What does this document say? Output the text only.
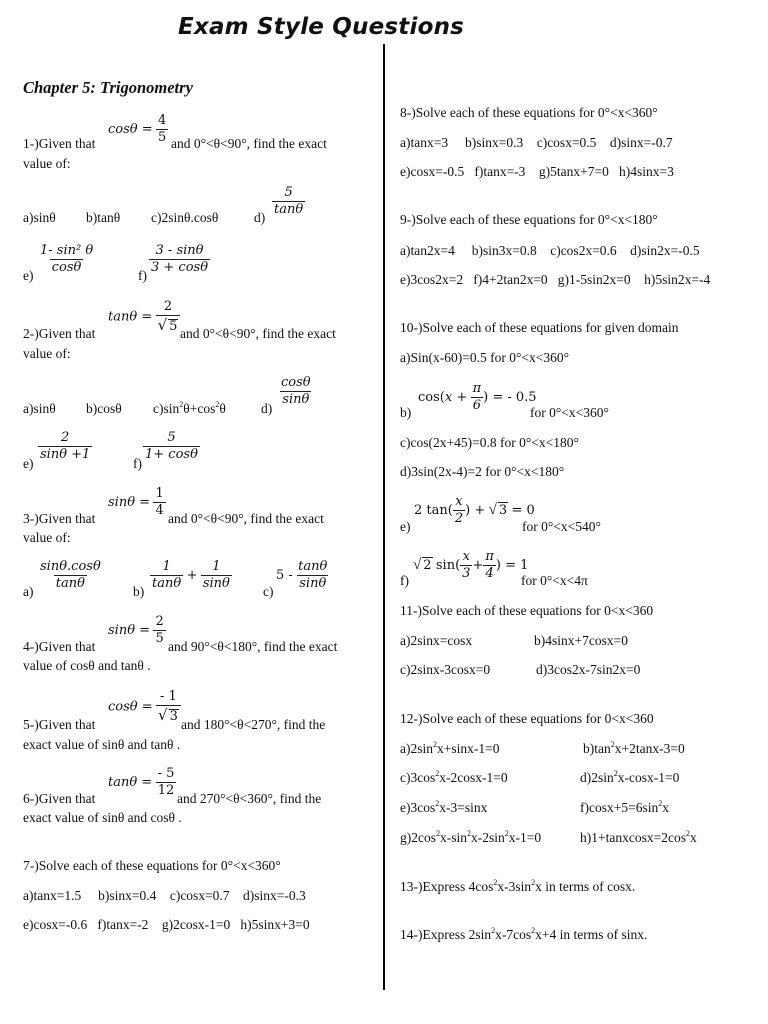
Exam Style Questions
Chapter 5: Trigonometry
1-)Given that
$\cos\theta = \frac{4}{5}$ and 0°<θ<90°, find the exact
value of:
a)sinθ b)tanθ c)2sinθ.cosθ	$d) \frac{5}{\tan\theta}$
$e) \frac{\text{1- sin² θ}}{\cos\theta}$	$f) \frac{3 - \sin\theta}{3 + \cos\theta}$
2-)Given that
$\tan\theta = \frac{2}{√ 5}$ and 0°<θ<90°, find the exact
value of:
a)sinθ b)cosθ $c)\sin^2\theta+\cos^2\theta$	d)
$\frac{\cos\theta}{\sin\theta}$
e)
$\frac{2}{\sin\theta +1}$
f)
$\frac{5}{1+ \cos\theta}$
3-)Given that
$\sin\theta = \frac{1}{4}$ and 0°<θ<90°, find the exact
value of:
$a) \frac{\sin\theta.\cos\theta}{\tan\theta} b) \frac{1}{\tan\theta} + \frac{1}{\sin\theta} c$)
$5 - \frac{\tan\theta}{\sin\theta}$
4-)Given that
$\sin\theta = \frac{2}{5}$ and 90°<θ<180°, find the exact
value of cosθ and tanθ .
5-)Given that
$\cos\theta = \frac{- 1}{√ 3}$ and 180°<θ<270°, find the
exact value of sinθ and tanθ .
6-)Given that
$\tan\theta = \frac{- 5}{12}$ and 270°<θ<360°, find the
exact value of sinθ and cosθ .
7-)Solve each of these equations for 0°<x<360°
a)tanx=1.5     b)sinx=0.4    c)cosx=0.7    d)sinx=-0.3
e)cosx=-0.6   f)tanx=-2    g)2cosx-1=0   h)5sinx+3=0
8-)Solve each of these equations for 0°<x<360°
a)tanx=3     b)sinx=0.3    c)cosx=0.5    d)sinx=-0.7
e)cosx=-0.5   f)tanx=-3    g)5tanx+7=0   h)4sinx=3
9-)Solve each of these equations for 0°<x<180°
a)tan2x=4     b)sin3x=0.8    c)cos2x=0.6    d)sin2x=-0.5
e)3cos2x=2   f)4+2tan2x=0   g)1-5sin2x=0    h)5sin2x=-4
10-)Solve each of these equations for given domain
a)Sin(x-60)=0.5 for 0°<x<360°
b)
$\cos(x + \frac{\pi}{6}$ ) = - 0.5
for 0°<x<360°
c)cos(2x+45)=0.8 for 0°<x<180°
d)3sin(2x-4)=2 for 0°<x<180°
e)
2 $\tan( \frac{x}{2}$ ) + √ 3 = 0
for 0°<x<540°
f)
√ 2 $\sin( \frac{x}{3} + \frac{\pi}{4}$ ) = 1
for 0°<x<4π
11-)Solve each of these equations for 0<x<360
a)2sinx=cosx	b)4sinx+7cosx=0
c)2sinx-3cosx=0	d)3cos2x-7sin2x=0
12-)Solve each of these equations for 0<x<360
$a)2\sin^2x+\sin x-1=0$	$b)\tan^2x+2\tan x-3=0$
$c)3\cos^2x-2\cos x-1=0$	$d)2\sin^2x-\cos x-1=0$
$e)3\cos^2x-3=\sin x$	$f)\cos x+5=6\sin^2x$
$g)2\cos^2x-\sin^2x-2\sin^2x-1=0$	$h)1+tanxcosx=2\cos^2x$
13-)Express $4\cos^2x-3\sin^2x$ in terms of cosx.
14-)Express $2\sin^2x-7\cos^2x+4$ in terms of sinx.
